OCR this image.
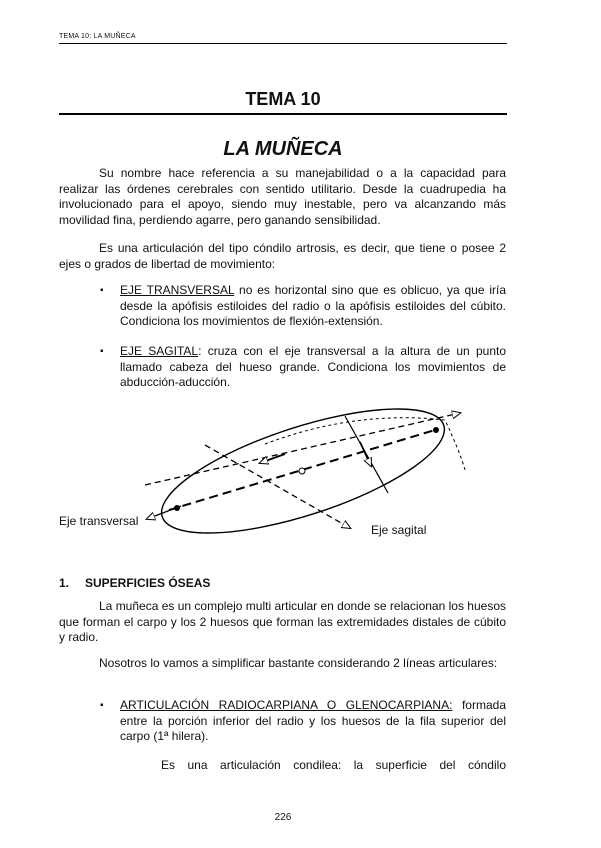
TEMA 10: LA MUÑECA
TEMA 10
LA MUÑECA
Su nombre hace referencia a su manejabilidad o a la capacidad para realizar las órdenes cerebrales con sentido utilitario. Desde la cuadrupedia ha involucionado para el apoyo, siendo muy inestable, pero va alcanzando más movilidad fina, perdiendo agarre, pero ganando sensibilidad.
Es una articulación del tipo cóndilo artrosis, es decir, que tiene o posee 2 ejes o grados de libertad de movimiento:
▪ EJE TRANSVERSAL no es horizontal sino que es oblicuo, ya que iría desde la apófisis estiloides del radio o la apófisis estiloides del cúbito. Condiciona los movimientos de flexión-extensión.
▪ EJE SAGITAL: cruza con el eje transversal a la altura de un punto llamado cabeza del hueso grande. Condiciona los movimientos de abducción-aducción.
Eje transversal
Eje sagital
1. SUPERFICIES ÓSEAS
La muñeca es un complejo multi articular en donde se relacionan los huesos que forman el carpo y los 2 huesos que forman las extremidades distales de cúbito y radio.
Nosotros lo vamos a simplificar bastante considerando 2 líneas articulares:
▪ ARTICULACIÓN RADIOCARPIANA O GLENOCARPIANA: formada entre la porción inferior del radio y los huesos de la fila superior del carpo (1ª hilera).
Es una articulación condilea: la superficie del cóndilo
226
